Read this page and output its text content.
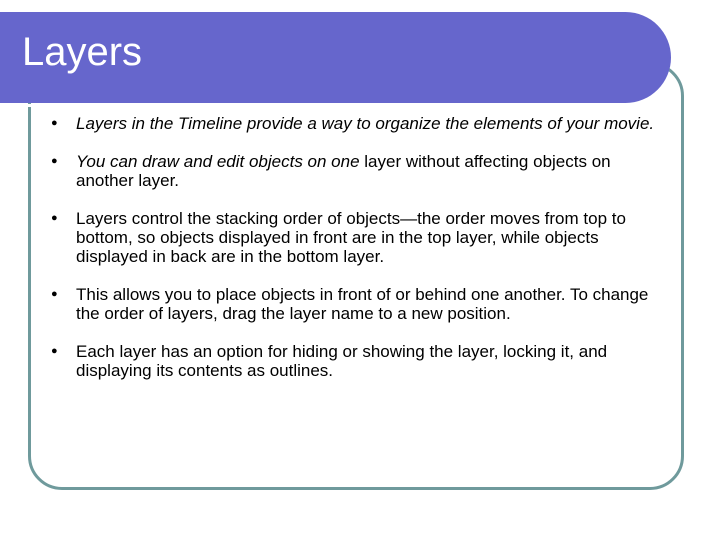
Layers
● Layers in the Timeline provide a way to organize the elements of your movie.
● You can draw and edit objects on one layer without affecting objects on another layer.
● Layers control the stacking order of objects—the order moves from top to bottom, so objects displayed in front are in the top layer, while objects displayed in back are in the bottom layer.
● This allows you to place objects in front of or behind one another. To change the order of layers, drag the layer name to a new position.
● Each layer has an option for hiding or showing the layer, locking it, and displaying its contents as outlines.
